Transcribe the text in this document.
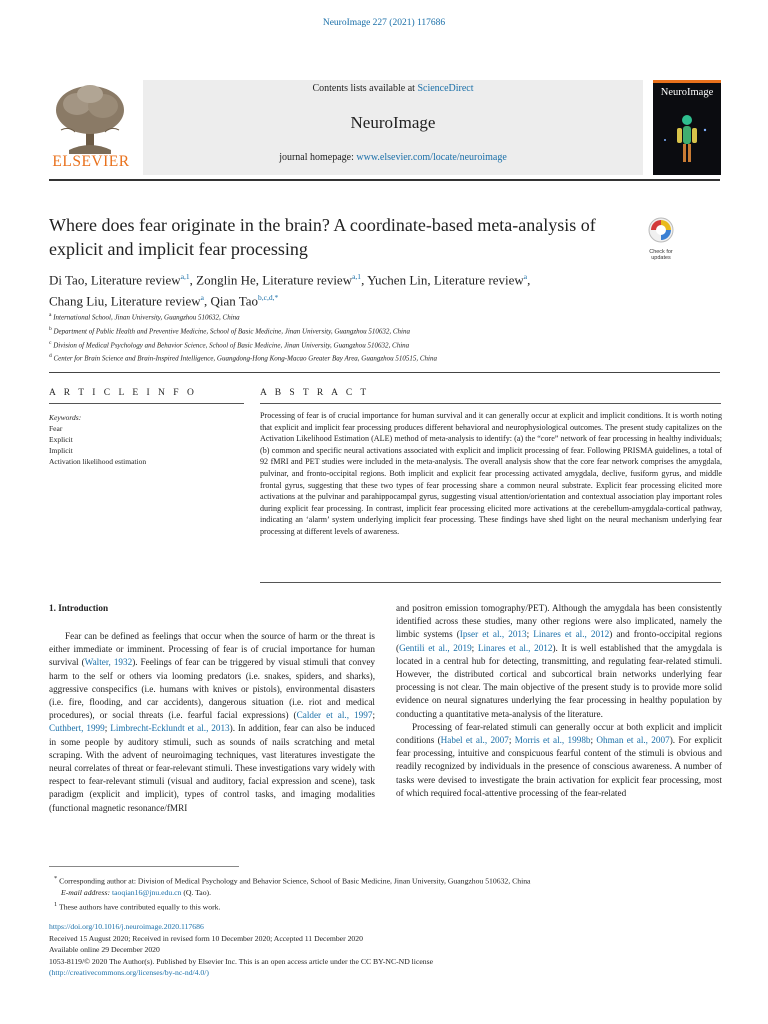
NeuroImage 227 (2021) 117686
ELSEVIER
Contents lists available at ScienceDirect
NeuroImage
journal homepage: www.elsevier.com/locate/neuroimage
NeuroImage
Where does fear originate in the brain? A coordinate-based meta-analysis of explicit and implicit fear processing	Check for updates
Di Tao, Literature review$^{a,1}$, Zonglin He, Literature review$^{a,1}$, Yuchen Lin, Literature review$^a$,
Chang Liu, Literature review$^a$, Qian Tao$^{b,c,d,*}$
$^a$ International School, Jinan University, Guangzhou 510632, China
$^b$ Department of Public Health and Preventive Medicine, School of Basic Medicine, Jinan University, Guangzhou 510632, China
$^c$ Division of Medical Psychology and Behavior Science, School of Basic Medicine, Jinan University, Guangzhou 510632, China
$^d$ Center for Brain Science and Brain-Inspired Intelligence, Guangdong-Hong Kong-Macao Greater Bay Area, Guangzhou 510515, China
A R T I C L E I N F O	A B S T R A C T
Keywords:
Fear
Explicit
Implicit
Activation likelihood estimation
Processing of fear is of crucial importance for human survival and it can generally occur at explicit and implicit conditions. It is worth noting that explicit and implicit fear processing produces different behavioral and neurophysiological outcomes. The present study capitalizes on the Activation Likelihood Estimation (ALE) method of meta-analysis to identify: (a) the “core” network of fear processing in healthy individuals; (b) common and specific neural activations associated with explicit and implicit processing of fear. Following PRISMA guidelines, a total of 92 fMRI and PET studies were included in the meta-analysis. The overall analysis show that the core fear network comprises the amygdala, pulvinar, and fronto-occipital regions. Both implicit and explicit fear processing activated amygdala, declive, fusiform gyrus, and middle frontal gyrus, suggesting that these two types of fear processing share a common neural substrate. Explicit fear processing elicited more activations at the pulvinar and parahippocampal gyrus, suggesting visual attention/orientation and contextual association play important roles during explicit fear processing. In contrast, implicit fear processing elicited more activations at the cerebellum-amygdala-cortical pathway, indicating an ‘alarm’ system underlying implicit fear processing. These findings have shed light on the neural mechanism underlying fear processing at different levels of awareness.
1. Introduction
Fear can be defined as feelings that occur when the source of harm or the threat is either immediate or imminent. Processing of fear is of crucial importance for human survival (Walter, 1932). Feelings of fear can be triggered by visual stimuli that convey harm to the self or others via looming predators (i.e. snakes, spiders, and sharks), aggressive conspecifics (i.e. humans with knives or pistols), environmental disasters (i.e. fire, flooding, and car accidents), dangerous situation (i.e. riot and medical procedures), or social threats (i.e. fearful facial expressions) (Calder et al., 1997; Cuthbert, 1999; Limbrecht-Ecklundt et al., 2013). In addition, fear can also be induced in some people by auditory stimuli, such as sounds of nails scratching and metal scraping. With the advent of neuroimaging techniques, vast literatures investigate the neural correlates of threat or fear-relevant stimuli. These investigations vary widely with respect to fear-relevant stimuli (visual and auditory, facial expression and scene), task paradigm (explicit and implicit), types of control tasks, and imaging modalities (functional magnetic resonance/fMRI

and positron emission tomography/PET). Although the amygdala has been consistently identified across these studies, many other regions were also implicated, namely the limbic systems (Ipser et al., 2013; Linares et al., 2012) and fronto-occipital regions (Gentili et al., 2019; Linares et al., 2012). It is well established that the amygdala is located in a central hub for detecting, transmitting, and regulating fear-related stimuli. However, the distributed cortical and subcortical brain networks underlying fear processing is not clear. The main objective of the present study is to provide more solid evidence on neural signatures underlying the fear processing in healthy population by conducting a quantitative meta-analysis of the literature.

Processing of fear-related stimuli can generally occur at both explicit and implicit conditions (Habel et al., 2007; Morris et al., 1998b; Ohman et al., 2007). For explicit fear processing, intuitive and conspicuous fearful content of the stimuli is obvious and readily recognized by individuals in the presence of conscious awareness. A number of tasks were devised to investigate the brain activation for explicit fear processing, most of which required focal-attentive processing of the fear-related

* Corresponding author at: Division of Medical Psychology and Behavior Science, School of Basic Medicine, Jinan University, Guangzhou 510632, China
E-mail address: taoqian16@jnu.edu.cn (Q. Tao).
$^1$ These authors have contributed equally to this work.
https://doi.org/10.1016/j.neuroimage.2020.117686
Received 15 August 2020; Received in revised form 10 December 2020; Accepted 11 December 2020
Available online 29 December 2020
1053-8119/© 2020 The Author(s). Published by Elsevier Inc. This is an open access article under the CC BY-NC-ND license
(http://creativecommons.org/licenses/by-nc-nd/4.0/)
